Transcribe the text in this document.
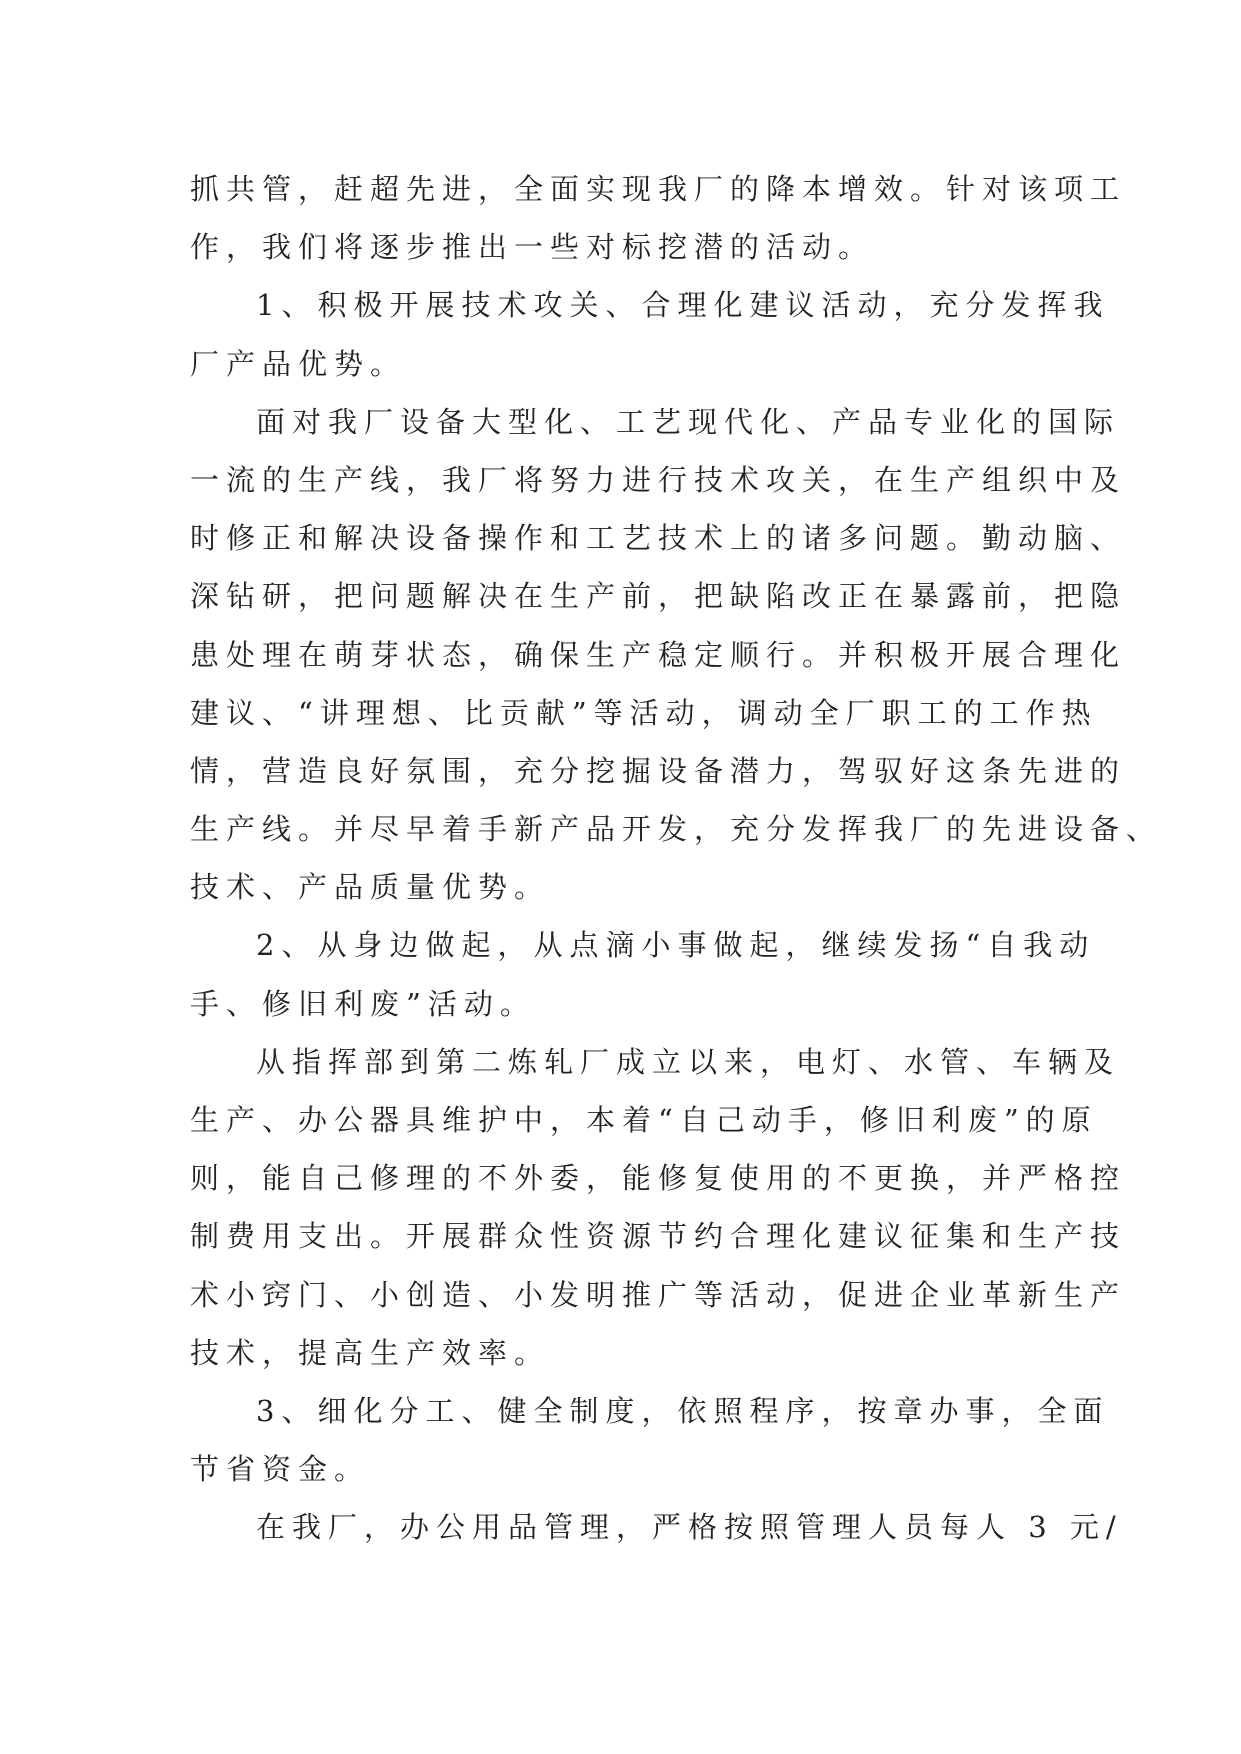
抓共管，赶超先进，全面实现我厂的降本增效。针对该项工
作，我们将逐步推出一些对标挖潜的活动。
1、积极开展技术攻关、合理化建议活动，充分发挥我
厂产品优势。
面对我厂设备大型化、工艺现代化、产品专业化的国际
一流的生产线，我厂将努力进行技术攻关，在生产组织中及
时修正和解决设备操作和工艺技术上的诸多问题。勤动脑、
深钻研，把问题解决在生产前，把缺陷改正在暴露前，把隐
患处理在萌芽状态，确保生产稳定顺行。并积极开展合理化
建议、“讲理想、比贡献”等活动，调动全厂职工的工作热
情，营造良好氛围，充分挖掘设备潜力，驾驭好这条先进的
生产线。并尽早着手新产品开发，充分发挥我厂的先进设备、
技术、产品质量优势。
2、从身边做起，从点滴小事做起，继续发扬“自我动
手、修旧利废”活动。
从指挥部到第二炼轧厂成立以来，电灯、水管、车辆及
生产、办公器具维护中，本着“自己动手，修旧利废”的原
则，能自己修理的不外委，能修复使用的不更换，并严格控
制费用支出。开展群众性资源节约合理化建议征集和生产技
术小窍门、小创造、小发明推广等活动，促进企业革新生产
技术，提高生产效率。
3、细化分工、健全制度，依照程序，按章办事，全面
节省资金。
在我厂，办公用品管理，严格按照管理人员每人 3 元/
